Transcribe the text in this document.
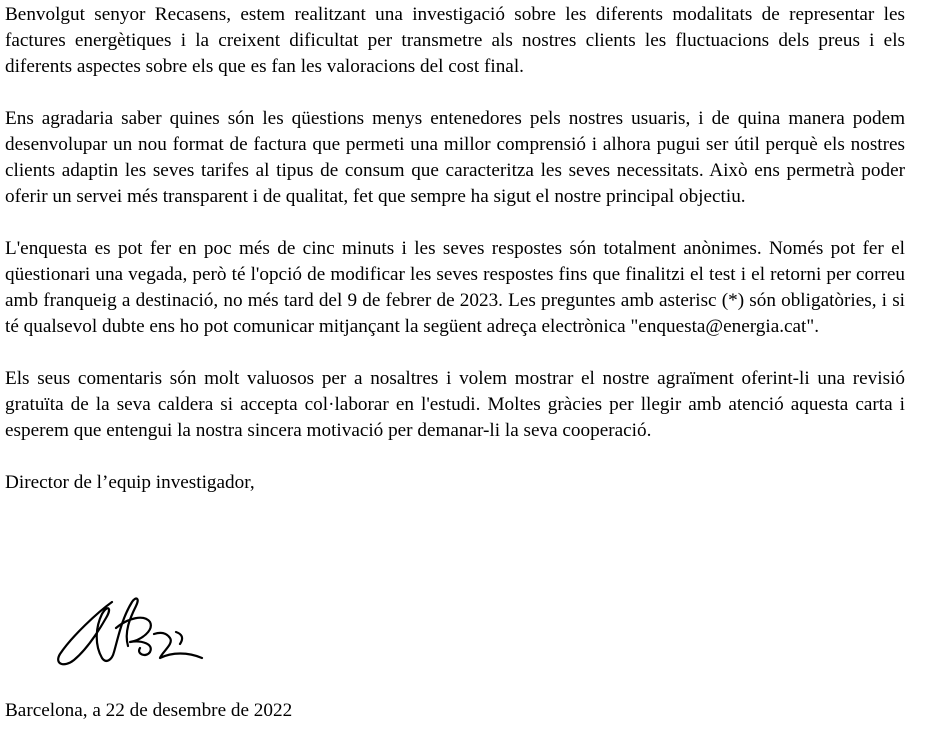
Benvolgut senyor Recasens, estem realitzant una investigació sobre les diferents modalitats de representar les factures energètiques i la creixent dificultat per transmetre als nostres clients les fluctuacions dels preus i els diferents aspectes sobre els que es fan les valoracions del cost final.

Ens agradaria saber quines són les qüestions menys entenedores pels nostres usuaris, i de quina manera podem desenvolupar un nou format de factura que permeti una millor comprensió i alhora pugui ser útil perquè els nostres clients adaptin les seves tarifes al tipus de consum que caracteritza les seves necessitats. Això ens permetrà poder oferir un servei més transparent i de qualitat, fet que sempre ha sigut el nostre principal objectiu.

L'enquesta es pot fer en poc més de cinc minuts i les seves respostes són totalment anònimes. Només pot fer el qüestionari una vegada, però té l'opció de modificar les seves respostes fins que finalitzi el test i el retorni per correu amb franqueig a destinació, no més tard del 9 de febrer de 2023. Les preguntes amb asterisc (*) són obligatòries, i si té qualsevol dubte ens ho pot comunicar mitjançant la següent adreça electrònica "enquesta@energia.cat".

Els seus comentaris són molt valuosos per a nosaltres i volem mostrar el nostre agraïment oferint-li una revisió gratuïta de la seva caldera si accepta col·laborar en l'estudi. Moltes gràcies per llegir amb atenció aquesta carta i esperem que entengui la nostra sincera motivació per demanar-li la seva cooperació.

Director de l’equip investigador,

Barcelona, a 22 de desembre de 2022
